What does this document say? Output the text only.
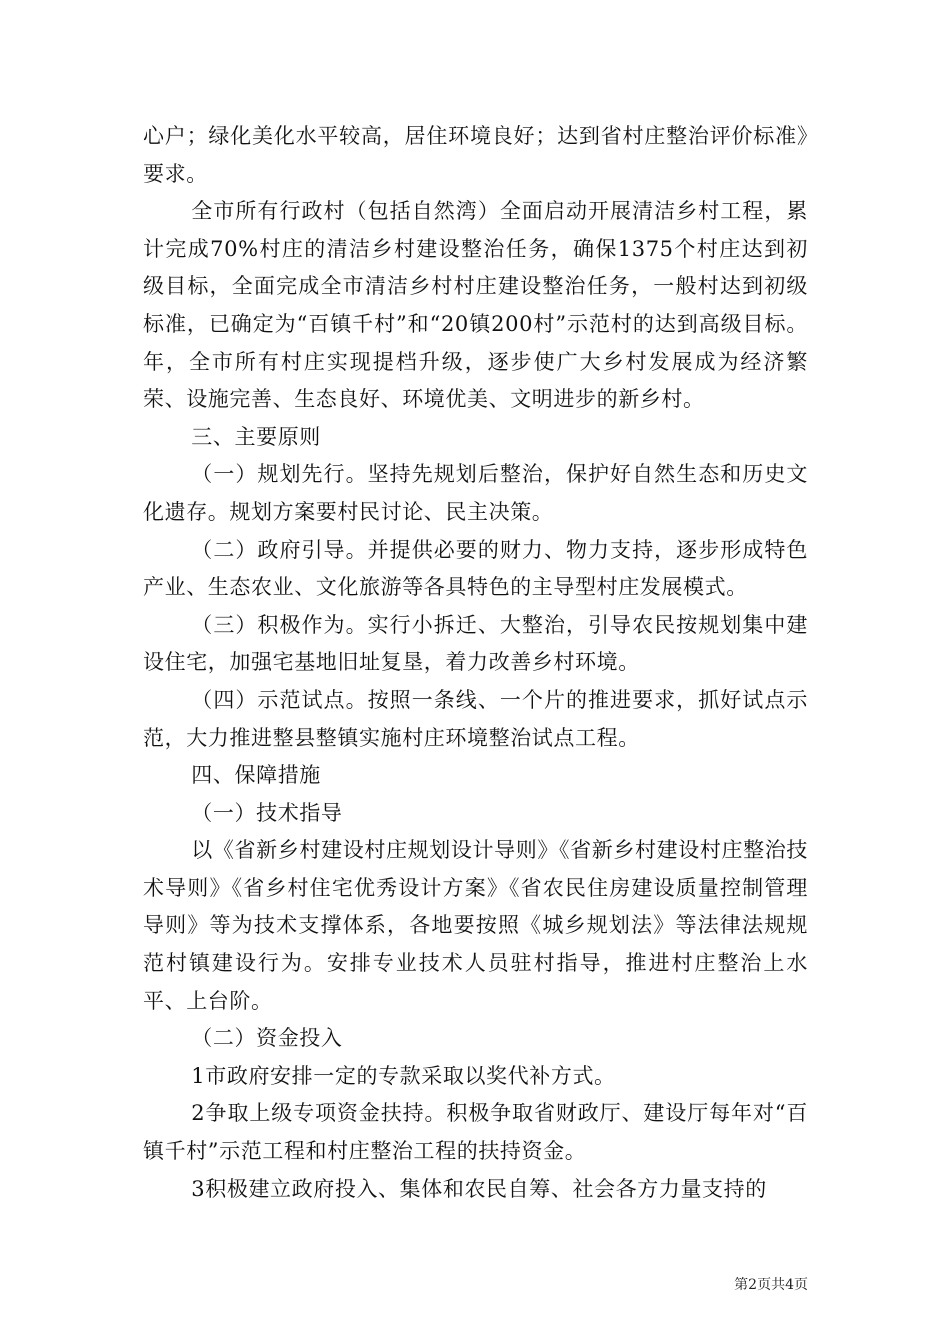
心户；绿化美化水平较高，居住环境良好；达到省村庄整治评价标准》要求。

全市所有行政村（包括自然湾）全面启动开展清洁乡村工程，累计完成70%村庄的清洁乡村建设整治任务，确保1375个村庄达到初级目标，全面完成全市清洁乡村村庄建设整治任务，一般村达到初级标准，已确定为“百镇千村”和“20镇200村”示范村的达到高级目标。年，全市所有村庄实现提档升级，逐步使广大乡村发展成为经济繁荣、设施完善、生态良好、环境优美、文明进步的新乡村。

三、主要原则

（一）规划先行。坚持先规划后整治，保护好自然生态和历史文化遗存。规划方案要村民讨论、民主决策。

（二）政府引导。并提供必要的财力、物力支持，逐步形成特色产业、生态农业、文化旅游等各具特色的主导型村庄发展模式。

（三）积极作为。实行小拆迁、大整治，引导农民按规划集中建设住宅，加强宅基地旧址复垦，着力改善乡村环境。

（四）示范试点。按照一条线、一个片的推进要求，抓好试点示范，大力推进整县整镇实施村庄环境整治试点工程。

四、保障措施

（一）技术指导

以《省新乡村建设村庄规划设计导则》《省新乡村建设村庄整治技术导则》《省乡村住宅优秀设计方案》《省农民住房建设质量控制管理导则》等为技术支撑体系，各地要按照《城乡规划法》等法律法规规范村镇建设行为。安排专业技术人员驻村指导，推进村庄整治上水平、上台阶。

（二）资金投入

1市政府安排一定的专款采取以奖代补方式。

2争取上级专项资金扶持。积极争取省财政厅、建设厅每年对“百镇千村”示范工程和村庄整治工程的扶持资金。

3积极建立政府投入、集体和农民自筹、社会各方力量支持的

第2页共4页
